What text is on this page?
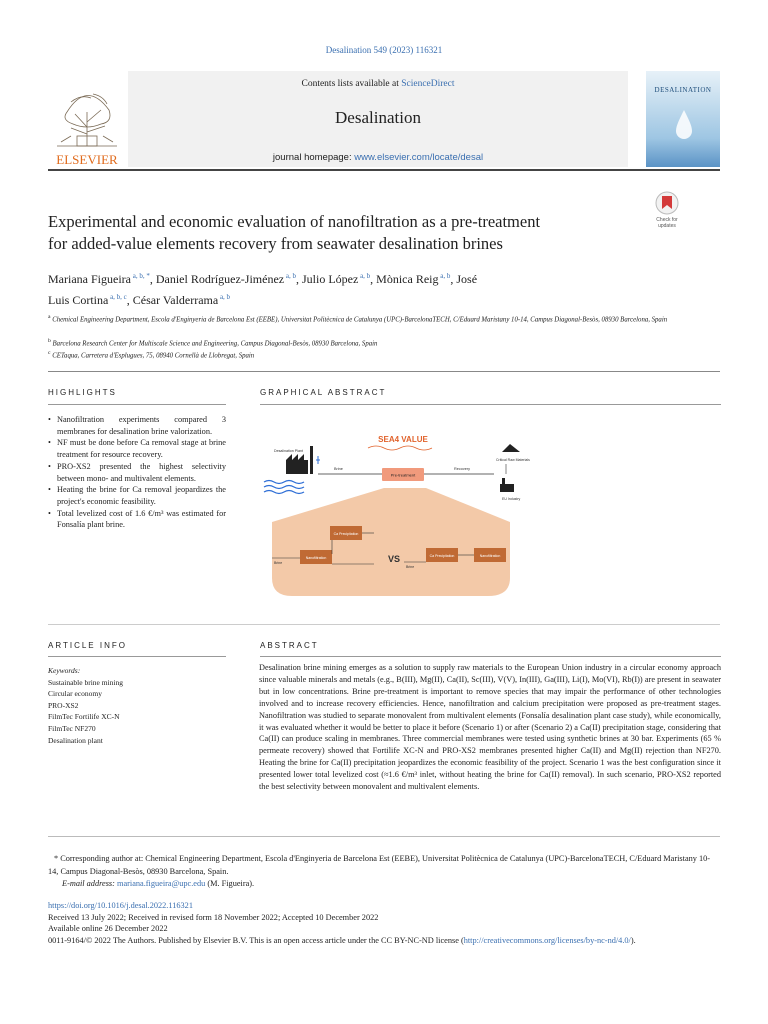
Desalination 549 (2023) 116321
Contents lists available at ScienceDirect
Desalination
journal homepage: www.elsevier.com/locate/desal
ELSEVIER
DESALINATION
Experimental and economic evaluation of nanofiltration as a pre-treatment
for added-value elements recovery from seawater desalination brines
Check for
updates
Mariana Figueira $^{a, b, *}$, Daniel Rodríguez-Jiménez $^{a, b}$, Julio López $^{a, b}$, Mònica Reig $^{a, b}$, José
Luis Cortina $^{a, b, c}$, César Valderrama $^{a, b}$
$^a$ Chemical Engineering Department, Escola d'Enginyeria de Barcelona Est (EEBE), Universitat Politècnica de Catalunya (UPC)-BarcelonaTECH, C/Eduard Maristany 10-14, Campus Diagonal-Besòs, 08930 Barcelona, Spain
$^b$ Barcelona Research Center for Multiscale Science and Engineering, Campus Diagonal-Besòs, 08930 Barcelona, Spain
$^c$ CETaqua, Carretera d'Esplugues, 75, 08940 Cornellà de Llobregat, Spain
HIGHLIGHTS	GRAPHICAL ABSTRACT
• Nanofiltration experiments compared 3 membranes for desalination brine valorization.
• NF must be done before Ca removal stage at brine treatment for resource recovery.
• PRO-XS2 presented the highest selectivity between mono- and multivalent elements.
• Heating the brine for Ca removal jeopardizes the project's economic feasibility.
• Total levelized cost of 1.6 €/m³ was estimated for Fonsalía plant brine.
Desalination Plant
Brine
Pre-treatment
Recovery
SEA4 VALUE
Critical Raw Materials
EU Industry
Brine
Nanofiltration
Ca Precipitation
VS
Brine
Ca Precipitation	Nanofiltration
ARTICLE INFO	ABSTRACT
Keywords:
Sustainable brine mining
Circular economy
PRO-XS2
FilmTec Fortilife XC-N
FilmTec NF270
Desalination plant
Desalination brine mining emerges as a solution to supply raw materials to the European Union industry in a circular economy approach since valuable minerals and metals (e.g., B(III), Mg(II), Ca(II), Sc(III), V(V), In(III), Ga(III), Li(I), Mo(VI), Rb(I)) are present in seawater but in low concentrations. Brine pre-treatment is important to remove species that may impair the performance of other technologies involved and to increase recovery efficiencies. Hence, nanofiltration and calcium precipitation were proposed as pre-treatment stages. Nanofiltration was studied to separate monovalent from multivalent elements (Fonsalía desalination plant case study), while economically, it was evaluated whether it would be better to place it before (Scenario 1) or after (Scenario 2) a Ca(II) precipitation stage, considering that Ca(II) can produce scaling in membranes. Three commercial membranes were tested using synthetic brines at 30 bar. Experiments (65 % permeate recovery) showed that Fortilife XC-N and PRO-XS2 membranes presented higher Ca(II) and Mg(II) rejection than NF270. Heating the brine for Ca(II) precipitation jeopardizes the economic feasibility of the project. Scenario 1 was the best configuration since it presented lower total levelized cost (≈1.6 €/m³ inlet, without heating the brine for Ca(II) removal). In such scenario, PRO-XS2 reported the best selectivity between monovalent and multivalent elements.
* Corresponding author at: Chemical Engineering Department, Escola d'Enginyeria de Barcelona Est (EEBE), Universitat Politècnica de Catalunya (UPC)-BarcelonaTECH, C/Eduard Maristany 10-14, Campus Diagonal-Besòs, 08930 Barcelona, Spain.
E-mail address: mariana.figueira@upc.edu (M. Figueira).
https://doi.org/10.1016/j.desal.2022.116321
Received 13 July 2022; Received in revised form 18 November 2022; Accepted 10 December 2022
Available online 26 December 2022
0011-9164/© 2022 The Authors. Published by Elsevier B.V. This is an open access article under the CC BY-NC-ND license (http://creativecommons.org/licenses/by-nc-nd/4.0/).
